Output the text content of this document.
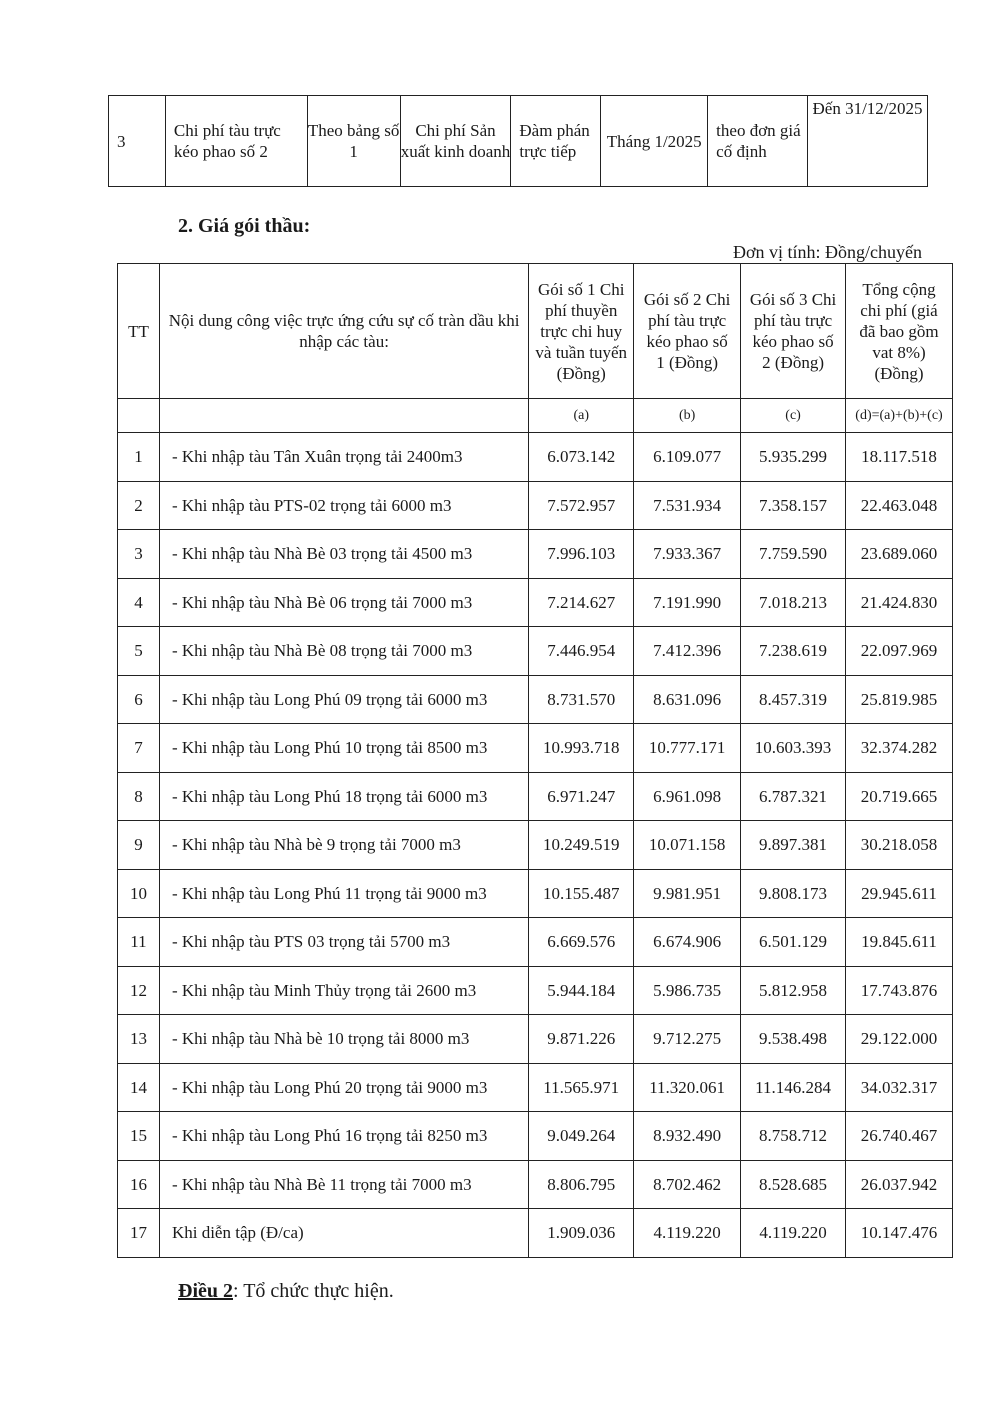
3	Chi phí tàu trực kéo phao số 2	Theo bảng số 1	Chi phí Sản xuất kinh doanh	Đàm phán trực tiếp	Tháng 1/2025	theo đơn giá cố định	Đến 31/12/2025
2. Giá gói thầu:
Đơn vị tính: Đồng/chuyến
TT	Nội dung công việc trực ứng cứu sự cố tràn dầu khi nhập các tàu:	Gói số 1 Chi phí thuyền trực chi huy và tuần tuyến (Đồng)	Gói số 2 Chi phí tàu trực kéo phao số 1 (Đồng)	Gói số 3 Chi phí tàu trực kéo phao số 2 (Đồng)	Tổng cộng chi phí (giá đã bao gồm vat 8%) (Đồng)
		(a)	(b)	(c)	(d)=(a)+(b)+(c)
1	- Khi nhập tàu Tân Xuân trọng tải 2400m3	6.073.142	6.109.077	5.935.299	18.117.518
2	- Khi nhập tàu PTS-02 trọng tải 6000 m3	7.572.957	7.531.934	7.358.157	22.463.048
3	- Khi nhập tàu Nhà Bè 03 trọng tải 4500 m3	7.996.103	7.933.367	7.759.590	23.689.060
4	- Khi nhập tàu Nhà Bè 06 trọng tải 7000 m3	7.214.627	7.191.990	7.018.213	21.424.830
5	- Khi nhập tàu Nhà Bè 08 trọng tải 7000 m3	7.446.954	7.412.396	7.238.619	22.097.969
6	- Khi nhập tàu Long Phú 09 trọng tải 6000 m3	8.731.570	8.631.096	8.457.319	25.819.985
7	- Khi nhập tàu Long Phú 10 trọng tải 8500 m3	10.993.718	10.777.171	10.603.393	32.374.282
8	- Khi nhập tàu Long Phú 18 trọng tải 6000 m3	6.971.247	6.961.098	6.787.321	20.719.665
9	- Khi nhập tàu Nhà bè 9 trọng tải 7000 m3	10.249.519	10.071.158	9.897.381	30.218.058
10	- Khi nhập tàu Long Phú 11 trọng tải 9000 m3	10.155.487	9.981.951	9.808.173	29.945.611
11	- Khi nhập tàu PTS 03 trọng tải 5700 m3	6.669.576	6.674.906	6.501.129	19.845.611
12	- Khi nhập tàu Minh Thủy trọng tải 2600 m3	5.944.184	5.986.735	5.812.958	17.743.876
13	- Khi nhập tàu Nhà bè 10 trọng tải 8000 m3	9.871.226	9.712.275	9.538.498	29.122.000
14	- Khi nhập tàu Long Phú 20 trọng tải 9000 m3	11.565.971	11.320.061	11.146.284	34.032.317
15	- Khi nhập tàu Long Phú 16 trọng tải 8250 m3	9.049.264	8.932.490	8.758.712	26.740.467
16	- Khi nhập tàu Nhà Bè 11 trọng tải 7000 m3	8.806.795	8.702.462	8.528.685	26.037.942
17	Khi diễn tập (Đ/ca)	1.909.036	4.119.220	4.119.220	10.147.476
Điều 2: Tổ chức thực hiện.
